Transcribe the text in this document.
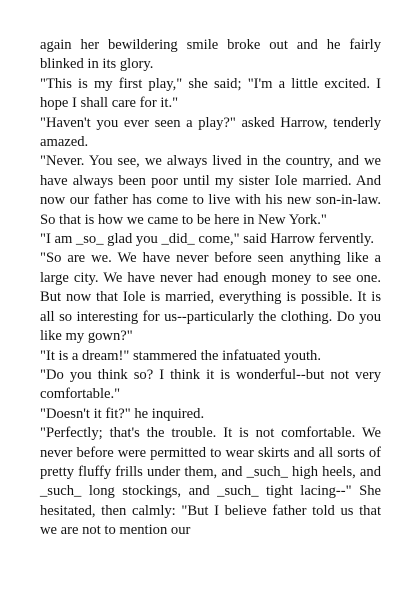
again her bewildering smile broke out and he fairly blinked in its glory.

"This is my first play," she said; "I'm a little excited. I hope I shall care for it."

"Haven't you ever seen a play?" asked Harrow, tenderly amazed.

"Never. You see, we always lived in the country, and we have always been poor until my sister Iole married. And now our father has come to live with his new son-in-law. So that is how we came to be here in New York."

"I am _so_ glad you _did_ come," said Harrow fervently.

"So are we. We have never before seen anything like a large city. We have never had enough money to see one. But now that Iole is married, everything is possible. It is all so interesting for us--particularly the clothing. Do you like my gown?"

"It is a dream!" stammered the infatuated youth.

"Do you think so? I think it is wonderful--but not very comfortable."

"Doesn't it fit?" he inquired.

"Perfectly; that's the trouble. It is not comfortable. We never before were permitted to wear skirts and all sorts of pretty fluffy frills under them, and _such_ high heels, and _such_ long stockings, and _such_ tight lacing--" She hesitated, then calmly: "But I believe father told us that we are not to mention our
